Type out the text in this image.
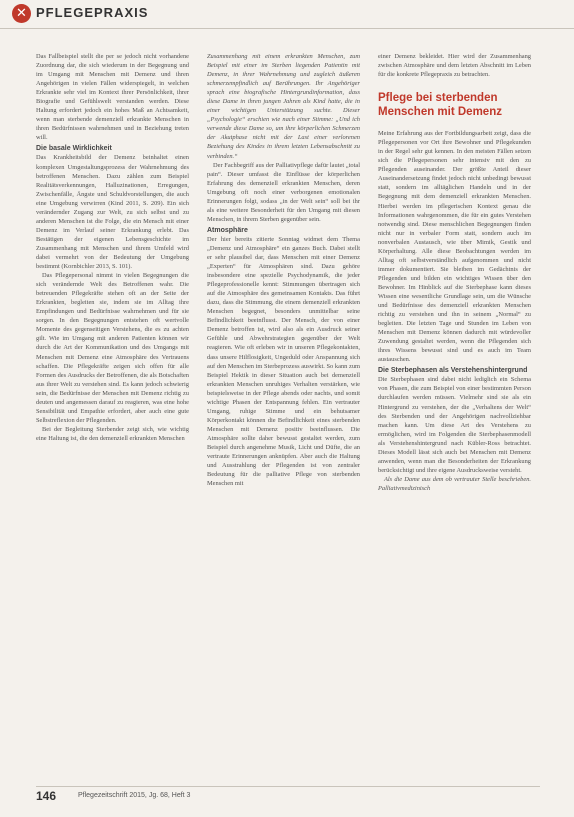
✕ PFLEGEPRAXIS

Das Fallbeispiel stellt die per se jedoch nicht vorhandene Zuordnung dar, die sich wiederum in der Begegnung und im Umgang mit Menschen mit Demenz und ihren Angehörigen in vielen Fällen widerspiegelt, in welchen Erkrankte sehr viel im Kontext ihrer Persönlichkeit, ihrer Biografie und Gefühlswelt verstanden werden. Diese Haltung erfordert jedoch ein hohes Maß an Achtsamkeit, wenn man sterbende demenziell erkrankte Menschen in ihren Bedürfnissen wahrnehmen und in Beziehung treten will.

Die basale Wirklichkeit

Das Krankheitsbild der Demenz beinhaltet einen komplexen Umgestaltungsprozess der Wahrnehmung des betroffenen Menschen. Dazu zählen zum Beispiel Realitätsverkennungen, Halluzinationen, Erregungen, Zwischenfälle, Ängste und Schuldvorstellungen, die auch eine Umgebung verwirren (Kind 2011, S. 209). Ein sich verändernder Zugang zur Welt, zu sich selbst und zu anderen Menschen ist die Folge, die ein Mensch mit einer Demenz im Verlauf seiner Erkrankung erlebt. Das Bestätigen der eigenen Lebensgeschichte im Zusammenhang mit Menschen und ihrem Umfeld wird dabei vermehrt von der Bedeutung der Umgebung bestimmt (Kornbichler 2013, S. 101).

Das Pflegepersonal nimmt in vielen Begegnungen die sich verändernde Welt des Betroffenen wahr. Die betreuenden Pflegekräfte stehen oft an der Seite der Erkrankten, begleiten sie, indem sie im Alltag ihre Empfindungen und Bedürfnisse wahrnehmen und für sie sorgen. In den Begegnungen entstehen oft wertvolle Momente des gegenseitigen Verstehens, die es zu achten gilt. Wie im Umgang mit anderen Patienten können wir durch die Art der Kommunikation und des Umgangs mit Menschen mit Demenz eine Atmosphäre des Vertrauens schaffen. Die Pflegekräfte zeigen sich offen für alle Formen des Ausdrucks der Betroffenen, die als Botschaften aus ihrer Welt zu verstehen sind. Es kann jedoch schwierig sein, die Bedürfnisse der Menschen mit Demenz richtig zu deuten und angemessen darauf zu reagieren, was eine hohe Sensibilität und Empathie erfordert, aber auch eine gute Selbstreflexion der Pflegenden.

Bei der Begleitung Sterbender zeigt sich, wie wichtig eine Haltung ist, die den demenziell erkrankten Menschen

Zusammenhang mit einem erkrankten Menschen, zum Beispiel mit einer im Sterben liegenden Patientin mit Demenz, in ihrer Wahrnehmung und zugleich äußeren schmerzempfindlich auf Berührungen. Ihr Angehöriger sprach eine biografische Hintergrundinformation, dass diese Dame in ihren jungen Jahren als Kind hatte, die in einer wichtigen Unterstützung suchte. Dieser „Psychologie“ erschien wie nach einer Stimme: „Und ich verwende diese Dame so, um ihre körperlichen Schmerzen der Akutphase nicht mit der Last einer verlorenen Beziehung des Kindes in ihrem letzten Lebensabschnitt zu verbinden.“

Der Fachbegriff aus der Palliativpflege dafür lautet „total pain“. Dieser umfasst die Einflüsse der körperlichen Erfahrung des demenziell erkrankten Menschen, deren Umgebung oft noch einer verborgenen emotionalen Erinnerungen folgt, sodass „in der Welt sein“ soll bei ihr als eine weitere Besonderheit für den Umgang mit diesen Menschen, in ihrem Sterben gegenüber sein.

Atmosphäre

Der hier bereits zitierte Sonntag widmet dem Thema „Demenz und Atmosphäre“ ein ganzes Buch. Dabei stellt er sehr plausibel dar, dass Menschen mit einer Demenz „Experten“ für Atmosphären sind. Dazu gehöre insbesondere eine spezielle Psychodynamik, die jeder Pflegeprofessionelle kennt: Stimmungen übertragen sich auf die Atmosphäre des gemeinsamen Kontakts. Das führt dazu, dass die Stimmung, die einem demenziell erkrankten Menschen begegnet, besonders unmittelbar seine Befindlichkeit beeinflusst. Der Mensch, der von einer Demenz betroffen ist, wird also als ein Ausdruck seiner Gefühle und Abwehrstrategien gegenüber der Welt reagieren. Wie oft erleben wir in unseren Pflegekontakten, dass unsere Hilflosigkeit, Ungeduld oder Anspannung sich auf den Menschen im Sterbeprozess auswirkt. So kann zum Beispiel Hektik in dieser Situation auch bei demenziell erkrankten Menschen unruhiges Verhalten verstärken, wie beispielsweise in der Pflege abends oder nachts, und somit wichtige Phasen der Entspannung fehlen. Ein vertrauter Umgang, ruhige Stimme und ein behutsamer Körperkontakt können die Befindlichkeit eines sterbenden Menschen mit Demenz positiv beeinflussen. Die Atmosphäre sollte daher bewusst gestaltet werden, zum Beispiel durch angenehme Musik, Licht und Düfte, die an vertraute Erinnerungen anknüpfen. Aber auch die Haltung und Ausstrahlung der Pflegenden ist von zentraler Bedeutung für die palliative Pflege von sterbenden Menschen mit

einer Demenz bekleidet. Hier wird der Zusammenhang zwischen Atmosphäre und dem letzten Abschnitt im Leben für die konkrete Pflegepraxis zu betrachten.

Pflege bei sterbenden Menschen mit Demenz

Meine Erfahrung aus der Fortbildungsarbeit zeigt, dass die Pflegepersonen vor Ort ihre Bewohner und Pflegekunden in der Regel sehr gut kennen. In den meisten Fällen setzen sich die Pflegepersonen sehr intensiv mit den zu Pflegenden auseinander. Der größte Anteil dieser Auseinandersetzung findet jedoch nicht unbedingt bewusst statt, sondern im alltäglichen Handeln und in der Begegnung mit dem demenziell erkrankten Menschen. Hierbei werden im pflegerischen Kontext genau die Informationen wahrgenommen, die für ein gutes Verstehen notwendig sind. Diese menschlichen Begegnungen finden nicht nur in verbaler Form statt, sondern auch im nonverbalen Austausch, wie über Mimik, Gestik und Körperhaltung. Alle diese Beobachtungen werden im Alltag oft selbstverständlich aufgenommen und nicht immer dokumentiert. Sie bleiben im Gedächtnis der Pflegenden und bilden ein wichtiges Wissen über den Bewohner. Im Hinblick auf die Sterbephase kann dieses Wissen eine wesentliche Grundlage sein, um die Wünsche und Bedürfnisse des demenziell erkrankten Menschen richtig zu verstehen und ihn in seinem „Normal“ zu begleiten. Die letzten Tage und Stunden im Leben von Menschen mit Demenz können dadurch mit würdevoller Zuwendung gestaltet werden, wenn die Pflegenden sich ihres Wissens bewusst sind und es auch im Team austauschen.

Die Sterbephasen als Verstehenshintergrund

Die Sterbephasen sind dabei nicht lediglich ein Schema von Phasen, die zum Beispiel von einer bestimmten Person durchlaufen werden müssen. Vielmehr sind sie als ein Hintergrund zu verstehen, der die „Verhaltens der Welt“ des Sterbenden und der Angehörigen nachvollziehbar machen kann. Um diese Art des Verstehens zu ermöglichen, wird im Folgenden die Sterbephasenmodell als Verstehenshintergrund nach Kübler-Ross betrachtet. Dieses Modell lässt sich auch bei Menschen mit Demenz anwenden, wenn man die Besonderheiten der Erkrankung berücksichtigt und ihre eigene Ausdrucksweise versteht.

Als die Dame aus dem ob vertrauter Stelle beschrieben. Palliativmedizinisch

146	Pflegezeitschrift 2015, Jg. 68, Heft 3
